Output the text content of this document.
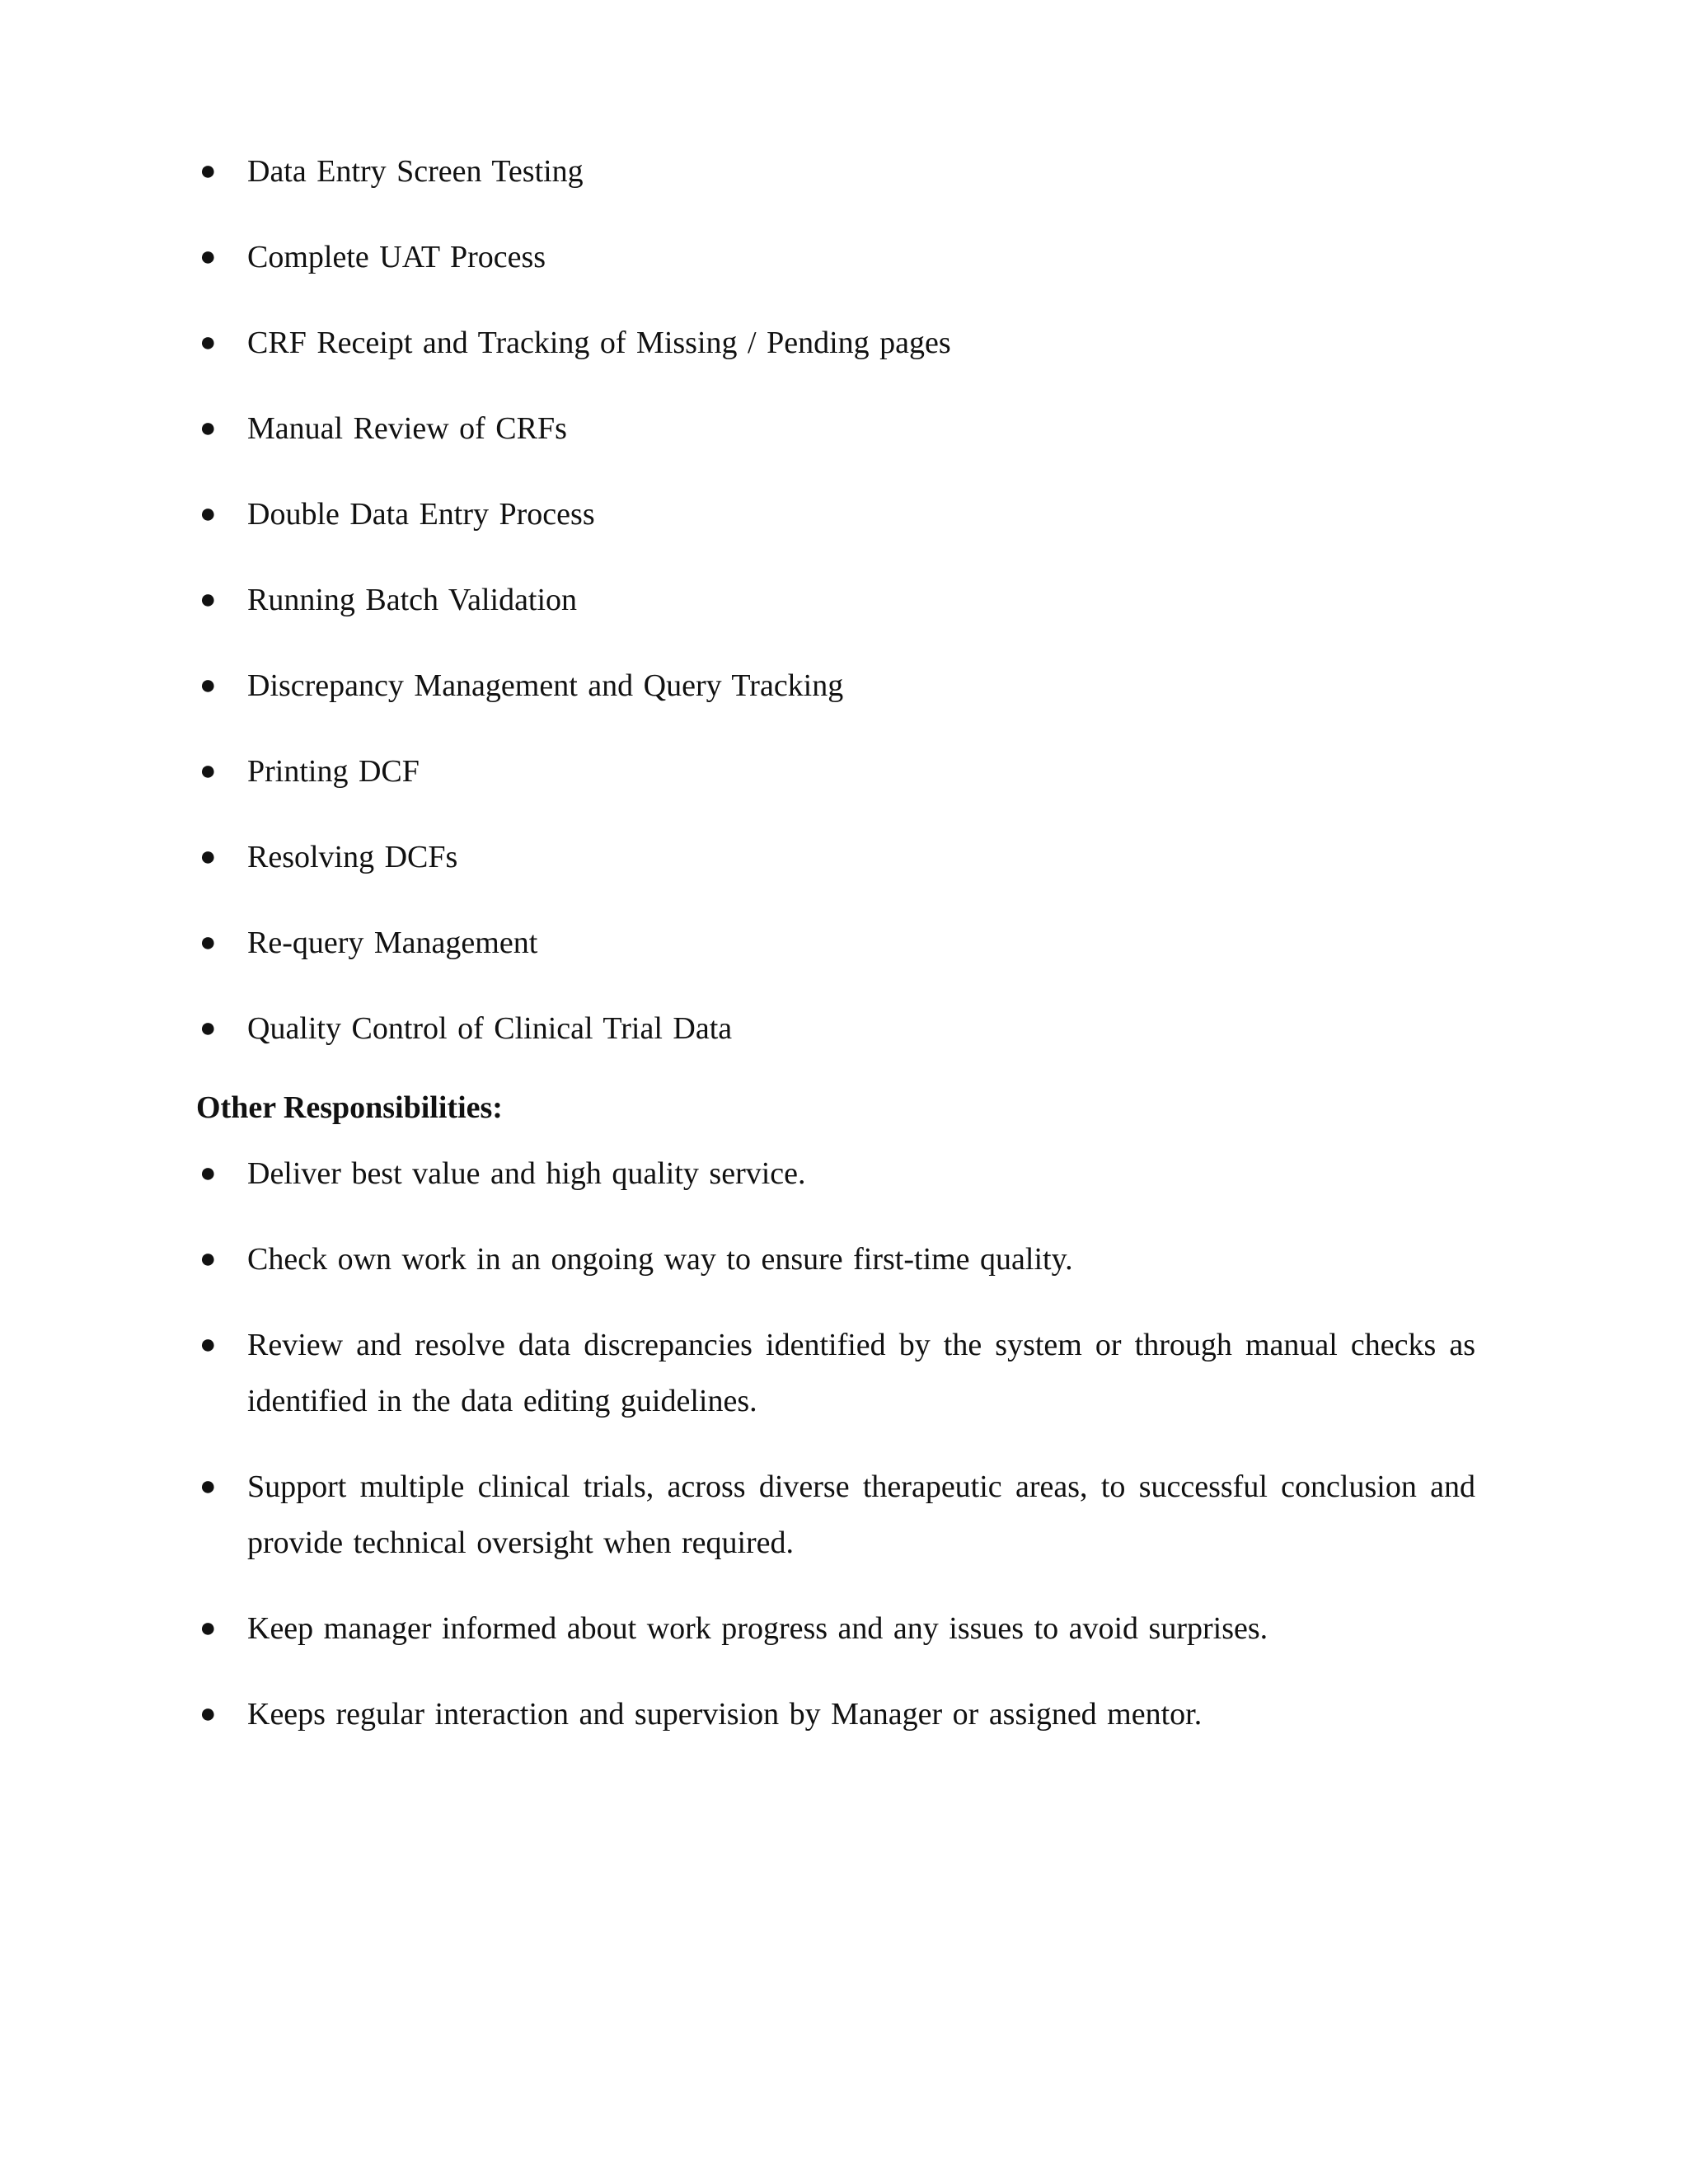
● Data Entry Screen Testing
● Complete UAT Process
● CRF Receipt and Tracking of Missing / Pending pages
● Manual Review of CRFs
● Double Data Entry Process
● Running Batch Validation
● Discrepancy Management and Query Tracking
● Printing DCF
● Resolving DCFs
● Re-query Management
● Quality Control of Clinical Trial Data
Other Responsibilities:
● Deliver best value and high quality service.
● Check own work in an ongoing way to ensure first-time quality.
● Review and resolve data discrepancies identified by the system or through manual checks as identified in the data editing guidelines.
● Support multiple clinical trials, across diverse therapeutic areas, to successful conclusion and provide technical oversight when required.
● Keep manager informed about work progress and any issues to avoid surprises.
● Keeps regular interaction and supervision by Manager or assigned mentor.
